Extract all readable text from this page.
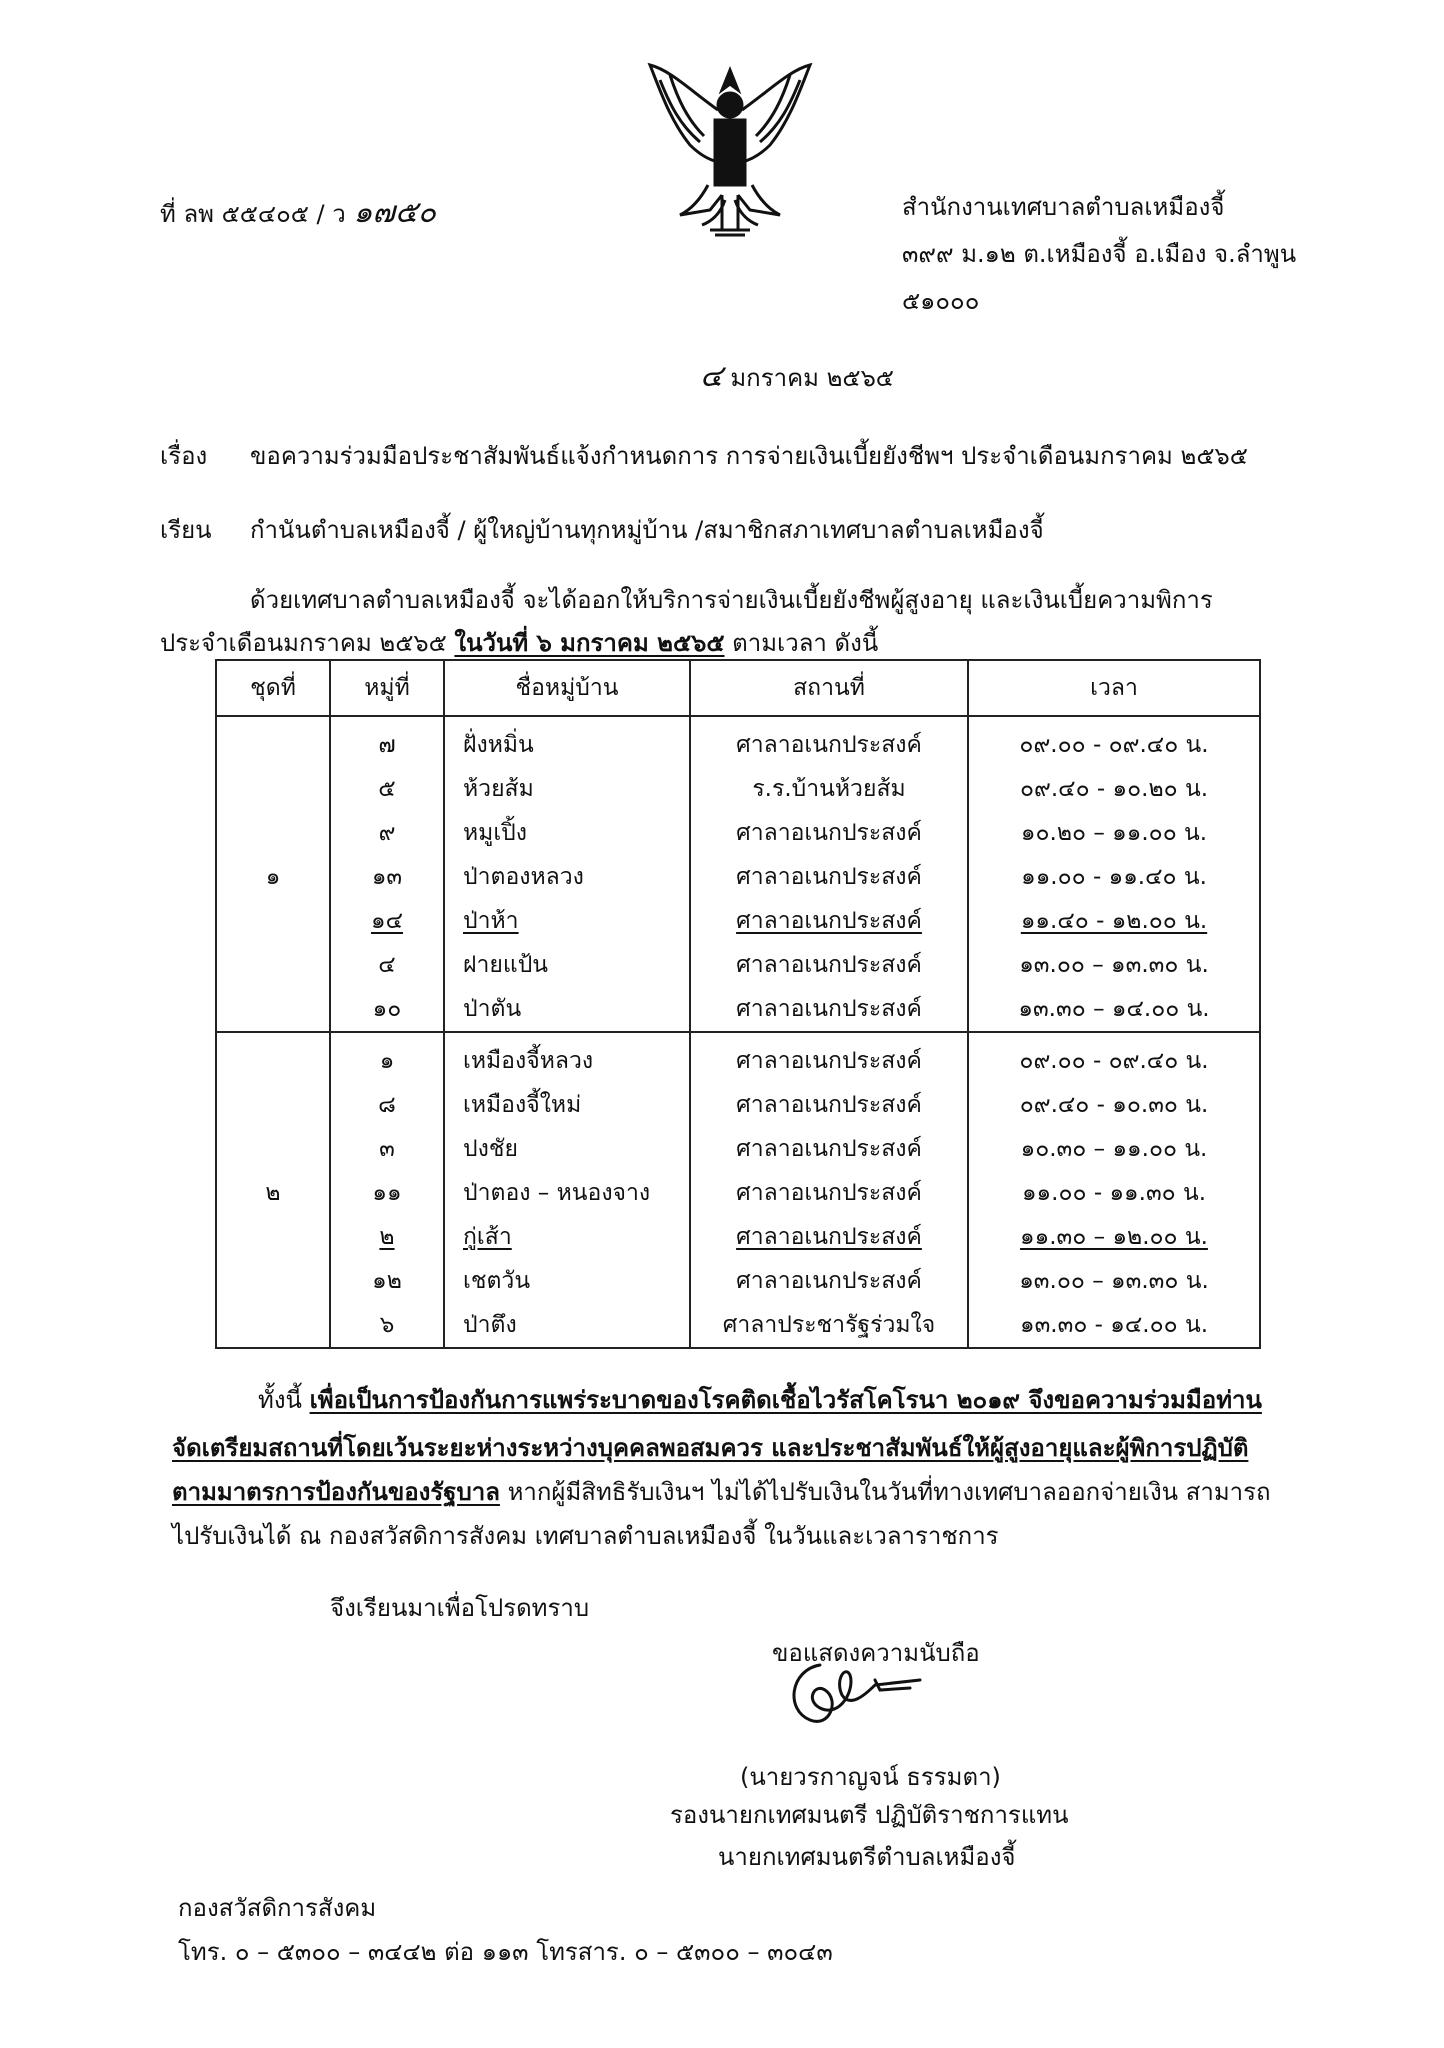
ที่ ลพ ๕๕๔๐๕ / ว ๑๗๕๐	สำนักงานเทศบาลตำบลเหมืองจี้
๓๙๙ ม.๑๒ ต.เหมืองจี้ อ.เมือง จ.ลำพูน
๕๑๐๐๐
๔ มกราคม ๒๕๖๕
เรื่อง ขอความร่วมมือประชาสัมพันธ์แจ้งกำหนดการ การจ่ายเงินเบี้ยยังชีพฯ ประจำเดือนมกราคม ๒๕๖๕
เรียน กำนันตำบลเหมืองจี้ / ผู้ใหญ่บ้านทุกหมู่บ้าน /สมาชิกสภาเทศบาลตำบลเหมืองจี้
ด้วยเทศบาลตำบลเหมืองจี้ จะได้ออกให้บริการจ่ายเงินเบี้ยยังชีพผู้สูงอายุ และเงินเบี้ยความพิการ
ประจำเดือนมกราคม ๒๕๖๕ ในวันที่ ๖ มกราคม ๒๕๖๕ ตามเวลา ดังนี้
ชุดที่	หมู่ที่	ชื่อหมู่บ้าน	สถานที่	เวลา
๑	๗	ฝั่งหมิ่น	ศาลาอเนกประสงค์	๐๙.๐๐ - ๐๙.๔๐ น.
	๕	ห้วยส้ม	ร.ร.บ้านห้วยส้ม	๐๙.๔๐ - ๑๐.๒๐ น.
	๙	หมูเปิ้ง	ศาลาอเนกประสงค์	๑๐.๒๐ – ๑๑.๐๐ น.
	๑๓	ป่าตองหลวง	ศาลาอเนกประสงค์	๑๑.๐๐ - ๑๑.๔๐ น.
	๑๔	ป่าห้า	ศาลาอเนกประสงค์	๑๑.๔๐ - ๑๒.๐๐ น.
	๔	ฝายแป้น	ศาลาอเนกประสงค์	๑๓.๐๐ – ๑๓.๓๐ น.
	๑๐	ป่าตัน	ศาลาอเนกประสงค์	๑๓.๓๐ – ๑๔.๐๐ น.
๒	๑	เหมืองจี้หลวง	ศาลาอเนกประสงค์	๐๙.๐๐ - ๐๙.๔๐ น.
	๘	เหมืองจี้ใหม่	ศาลาอเนกประสงค์	๐๙.๔๐ - ๑๐.๓๐ น.
	๓	ปงชัย	ศาลาอเนกประสงค์	๑๐.๓๐ – ๑๑.๐๐ น.
	๑๑	ป่าตอง – หนองจาง	ศาลาอเนกประสงค์	๑๑.๐๐ - ๑๑.๓๐ น.
	๒	กู่เส้า	ศาลาอเนกประสงค์	๑๑.๓๐ – ๑๒.๐๐ น.
	๑๒	เชตวัน	ศาลาอเนกประสงค์	๑๓.๐๐ – ๑๓.๓๐ น.
	๖	ป่าตึง	ศาลาประชารัฐร่วมใจ	๑๓.๓๐ - ๑๔.๐๐ น.
ทั้งนี้ เพื่อเป็นการป้องกันการแพร่ระบาดของโรคติดเชื้อไวรัสโคโรนา ๒๐๑๙ จึงขอความร่วมมือท่าน
จัดเตรียมสถานที่โดยเว้นระยะห่างระหว่างบุคคลพอสมควร และประชาสัมพันธ์ให้ผู้สูงอายุและผู้พิการปฏิบัติ
ตามมาตรการป้องกันของรัฐบาล หากผู้มีสิทธิรับเงินฯ ไม่ได้ไปรับเงินในวันที่ทางเทศบาลออกจ่ายเงิน สามารถ
ไปรับเงินได้ ณ กองสวัสดิการสังคม เทศบาลตำบลเหมืองจี้ ในวันและเวลาราชการ
จึงเรียนมาเพื่อโปรดทราบ
ขอแสดงความนับถือ
(นายวรกาญจน์ ธรรมตา)
รองนายกเทศมนตรี ปฏิบัติราชการแทน
นายกเทศมนตรีตำบลเหมืองจี้
กองสวัสดิการสังคม
โทร. ๐ – ๕๓๐๐ – ๓๔๔๒ ต่อ ๑๑๓ โทรสาร. ๐ – ๕๓๐๐ – ๓๐๔๓
